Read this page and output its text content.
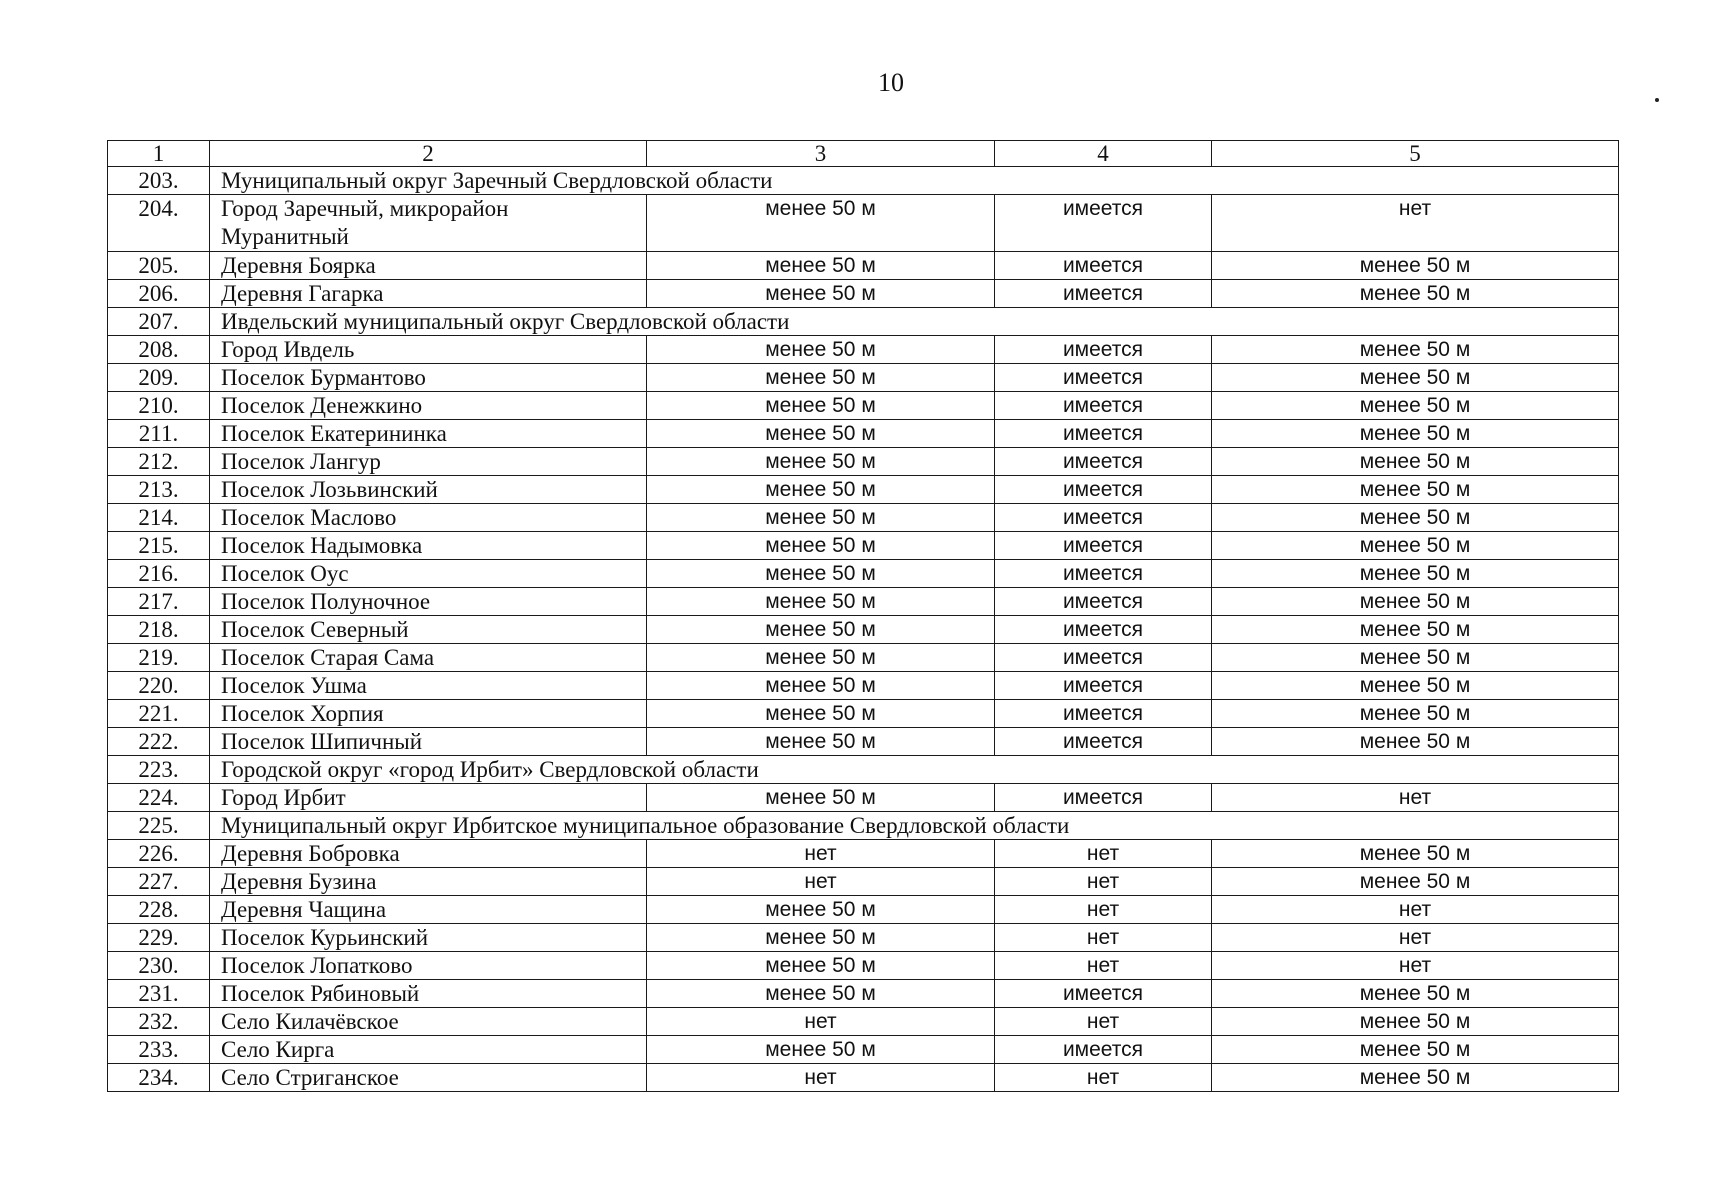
10
1	2	3	4	5
203.	Муниципальный округ Заречный Свердловской области			
204.	Город Заречный, микрорайон Муранитный	менее 50 м	имеется	нет
205.	Деревня Боярка	менее 50 м	имеется	менее 50 м
206.	Деревня Гагарка	менее 50 м	имеется	менее 50 м
207.	Ивдельский муниципальный округ Свердловской области			
208.	Город Ивдель	менее 50 м	имеется	менее 50 м
209.	Поселок Бурмантово	менее 50 м	имеется	менее 50 м
210.	Поселок Денежкино	менее 50 м	имеется	менее 50 м
211.	Поселок Екатерининка	менее 50 м	имеется	менее 50 м
212.	Поселок Лангур	менее 50 м	имеется	менее 50 м
213.	Поселок Лозьвинский	менее 50 м	имеется	менее 50 м
214.	Поселок Маслово	менее 50 м	имеется	менее 50 м
215.	Поселок Надымовка	менее 50 м	имеется	менее 50 м
216.	Поселок Оус	менее 50 м	имеется	менее 50 м
217.	Поселок Полуночное	менее 50 м	имеется	менее 50 м
218.	Поселок Северный	менее 50 м	имеется	менее 50 м
219.	Поселок Старая Сама	менее 50 м	имеется	менее 50 м
220.	Поселок Ушма	менее 50 м	имеется	менее 50 м
221.	Поселок Хорпия	менее 50 м	имеется	менее 50 м
222.	Поселок Шипичный	менее 50 м	имеется	менее 50 м
223.	Городской округ «город Ирбит» Свердловской области			
224.	Город Ирбит	менее 50 м	имеется	нет
225.	Муниципальный округ Ирбитское муниципальное образование Свердловской области			
226.	Деревня Бобровка	нет	нет	менее 50 м
227.	Деревня Бузина	нет	нет	менее 50 м
228.	Деревня Чащина	менее 50 м	нет	нет
229.	Поселок Курьинский	менее 50 м	нет	нет
230.	Поселок Лопатково	менее 50 м	нет	нет
231.	Поселок Рябиновый	менее 50 м	имеется	менее 50 м
232.	Село Килачёвское	нет	нет	менее 50 м
233.	Село Кирга	менее 50 м	имеется	менее 50 м
234.	Село Стриганское	нет	нет	менее 50 м
